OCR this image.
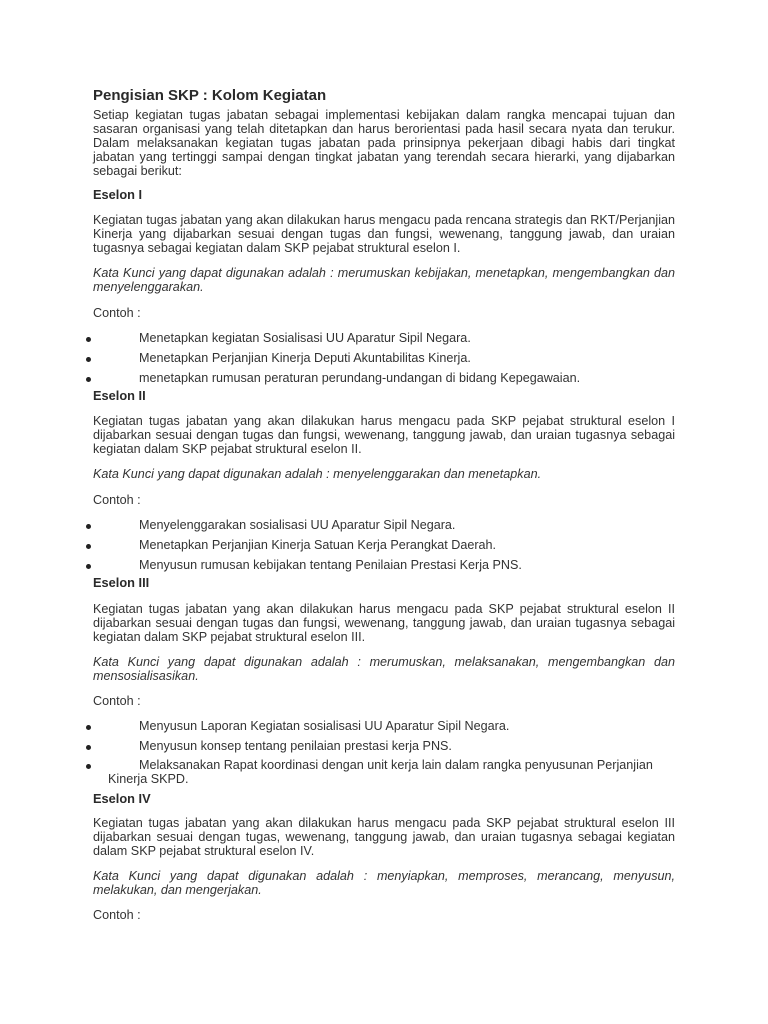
Pengisian SKP : Kolom Kegiatan

Setiap kegiatan tugas jabatan sebagai implementasi kebijakan dalam rangka mencapai tujuan dan sasaran organisasi yang telah ditetapkan dan harus berorientasi pada hasil secara nyata dan terukur. Dalam melaksanakan kegiatan tugas jabatan pada prinsipnya pekerjaan dibagi habis dari tingkat jabatan yang tertinggi sampai dengan tingkat jabatan yang terendah secara hierarki, yang dijabarkan sebagai berikut:

Eselon I

Kegiatan tugas jabatan yang akan dilakukan harus mengacu pada rencana strategis dan RKT/Perjanjian Kinerja yang dijabarkan sesuai dengan tugas dan fungsi, wewenang, tanggung jawab, dan uraian tugasnya sebagai kegiatan dalam SKP pejabat struktural eselon I.

Kata Kunci yang dapat digunakan adalah : merumuskan kebijakan, menetapkan, mengembangkan dan menyelenggarakan.

Contoh :

Menetapkan kegiatan Sosialisasi UU Aparatur Sipil Negara.

Menetapkan Perjanjian Kinerja Deputi Akuntabilitas Kinerja.

menetapkan rumusan peraturan perundang-undangan di bidang Kepegawaian.

Eselon II

Kegiatan tugas jabatan yang akan dilakukan harus mengacu pada SKP pejabat struktural eselon I dijabarkan sesuai dengan tugas dan fungsi, wewenang, tanggung jawab, dan uraian tugasnya sebagai kegiatan dalam SKP pejabat struktural eselon II.

Kata Kunci yang dapat digunakan adalah : menyelenggarakan dan menetapkan.

Contoh :

Menyelenggarakan sosialisasi UU Aparatur Sipil Negara.

Menetapkan Perjanjian Kinerja Satuan Kerja Perangkat Daerah.

Menyusun rumusan kebijakan tentang Penilaian Prestasi Kerja PNS.

Eselon III

Kegiatan tugas jabatan yang akan dilakukan harus mengacu pada SKP pejabat struktural eselon II dijabarkan sesuai dengan tugas dan fungsi, wewenang, tanggung jawab, dan uraian tugasnya sebagai kegiatan dalam SKP pejabat struktural eselon III.

Kata Kunci yang dapat digunakan adalah : merumuskan, melaksanakan, mengembangkan dan mensosialisasikan.

Contoh :

Menyusun Laporan Kegiatan sosialisasi UU Aparatur Sipil Negara.

Menyusun konsep tentang penilaian prestasi kerja PNS.

Melaksanakan Rapat koordinasi dengan unit kerja lain dalam rangka penyusunan Perjanjian
Kinerja SKPD.

Eselon IV

Kegiatan tugas jabatan yang akan dilakukan harus mengacu pada SKP pejabat struktural eselon III dijabarkan sesuai dengan tugas, wewenang, tanggung jawab, dan uraian tugasnya sebagai kegiatan dalam SKP pejabat struktural eselon IV.

Kata Kunci yang dapat digunakan adalah : menyiapkan, memproses, merancang, menyusun, melakukan, dan mengerjakan.

Contoh :
